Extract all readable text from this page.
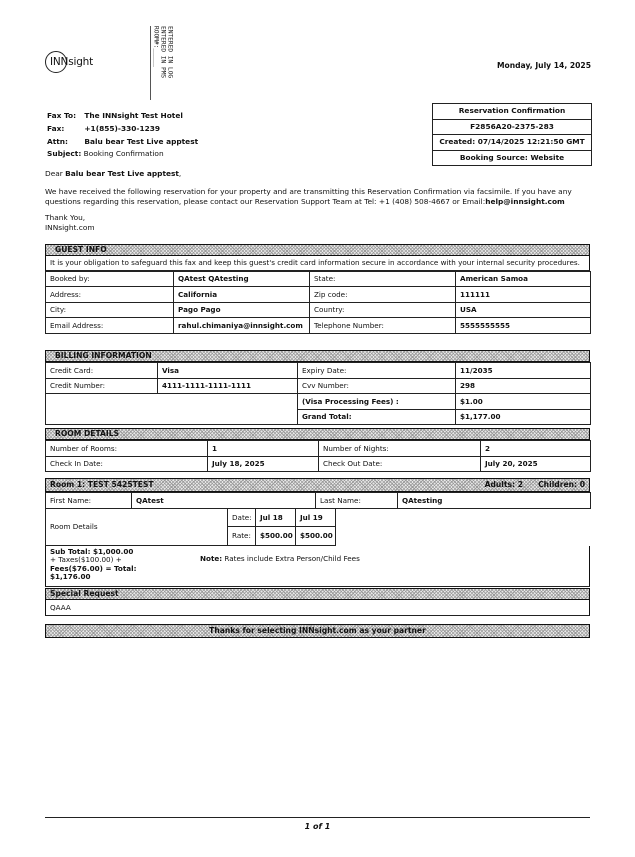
INNsight	ENTERED IN LOG
ENTERED IN PMS
ROOM#:_____	Monday, July 14, 2025
Fax To: The INNsight Test Hotel
Fax:	+1(855)-330-1239
Attn: Balu bear Test Live apptest
Subject: Booking Confirmation
Reservation Confirmation
F2856A20-2375-283
Created: 07/14/2025 12:21:50 GMT
Booking Source: Website
Dear Balu bear Test Live apptest,
We have received the following reservation for your property and are transmitting this Reservation Confirmation via facsimile. If you have any questions regarding this reservation, please contact our Reservation Support Team at Tel: +1 (408) 508-4667 or Email:help@innsight.com
Thank You,
INNsight.com
GUEST INFO
It is your obligation to safeguard this fax and keep this guest's credit card information secure in accordance with your internal security procedures.
Booked by:	QAtest QAtesting	State:	American Samoa
Address:	California	Zip code:	111111
City:	Pago Pago	Country:	USA
Email Address:	rahul.chimaniya@innsight.com	Telephone Number:	5555555555
BILLING INFORMATION
Credit Card:	Visa	Expiry Date:	11/2035
Credit Number:	4111-1111-1111-1111	Cvv Number:	298
		(Visa Processing Fees) :	$1.00
		Grand Total:	$1,177.00
ROOM DETAILS
Number of Rooms:	1	Number of Nights:	2
Check In Date:	July 18, 2025	Check Out Date:	July 20, 2025
Room 1: TEST 5425TEST	Adults: 2 Children: 0
First Name:	QAtest	Last Name:	QAtesting
Room Details	Date:	Jul 18	Jul 19	
	Rate:	$500.00	$500.00	
Sub Total: $1,000.00
+ Taxes($100.00) +
Fees($76.00) = Total:
$1,176.00
Note: Rates include Extra Person/Child Fees
Special Request
QAAA
Thanks for selecting INNsight.com as your partner
1 of 1
